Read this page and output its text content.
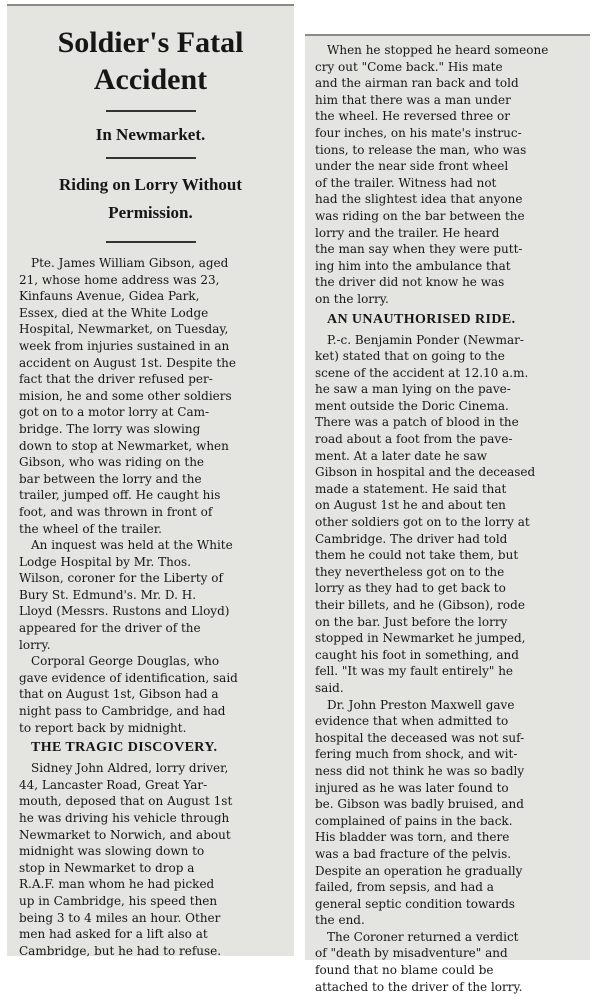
Soldier's Fatal
Accident
In Newmarket.
Riding on Lorry Without
Permission.
Pte. James William Gibson, aged
21, whose home address was 23,
Kinfauns Avenue, Gidea Park,
Essex, died at the White Lodge
Hospital, Newmarket, on Tuesday,
week from injuries sustained in an
accident on August 1st. Despite the
fact that the driver refused per-
mision, he and some other soldiers
got on to a motor lorry at Cam-
bridge. The lorry was slowing
down to stop at Newmarket, when
Gibson, who was riding on the
bar between the lorry and the
trailer, jumped off. He caught his
foot, and was thrown in front of
the wheel of the trailer.
An inquest was held at the White
Lodge Hospital by Mr. Thos.
Wilson, coroner for the Liberty of
Bury St. Edmund's. Mr. D. H.
Lloyd (Messrs. Rustons and Lloyd)
appeared for the driver of the
lorry.
Corporal George Douglas, who
gave evidence of identification, said
that on August 1st, Gibson had a
night pass to Cambridge, and had
to report back by midnight.
THE TRAGIC DISCOVERY.
Sidney John Aldred, lorry driver,
44, Lancaster Road, Great Yar-
mouth, deposed that on August 1st
he was driving his vehicle through
Newmarket to Norwich, and about
midnight was slowing down to
stop in Newmarket to drop a
R.A.F. man whom he had picked
up in Cambridge, his speed then
being 3 to 4 miles an hour. Other
men had asked for a lift also at
Cambridge, but he had to refuse.
When he stopped he heard someone
cry out "Come back." His mate
and the airman ran back and told
him that there was a man under
the wheel. He reversed three or
four inches, on his mate's instruc-
tions, to release the man, who was
under the near side front wheel
of the trailer. Witness had not
had the slightest idea that anyone
was riding on the bar between the
lorry and the trailer. He heard
the man say when they were putt-
ing him into the ambulance that
the driver did not know he was
on the lorry.
AN UNAUTHORISED RIDE.
P.-c. Benjamin Ponder (Newmar-
ket) stated that on going to the
scene of the accident at 12.10 a.m.
he saw a man lying on the pave-
ment outside the Doric Cinema.
There was a patch of blood in the
road about a foot from the pave-
ment. At a later date he saw
Gibson in hospital and the deceased
made a statement. He said that
on August 1st he and about ten
other soldiers got on to the lorry at
Cambridge. The driver had told
them he could not take them, but
they nevertheless got on to the
lorry as they had to get back to
their billets, and he (Gibson), rode
on the bar. Just before the lorry
stopped in Newmarket he jumped,
caught his foot in something, and
fell. "It was my fault entirely" he
said.
Dr. John Preston Maxwell gave
evidence that when admitted to
hospital the deceased was not suf-
fering much from shock, and wit-
ness did not think he was so badly
injured as he was later found to
be. Gibson was badly bruised, and
complained of pains in the back.
His bladder was torn, and there
was a bad fracture of the pelvis.
Despite an operation he gradually
failed, from sepsis, and had a
general septic condition towards
the end.
The Coroner returned a verdict
of "death by misadventure" and
found that no blame could be
attached to the driver of the lorry.
